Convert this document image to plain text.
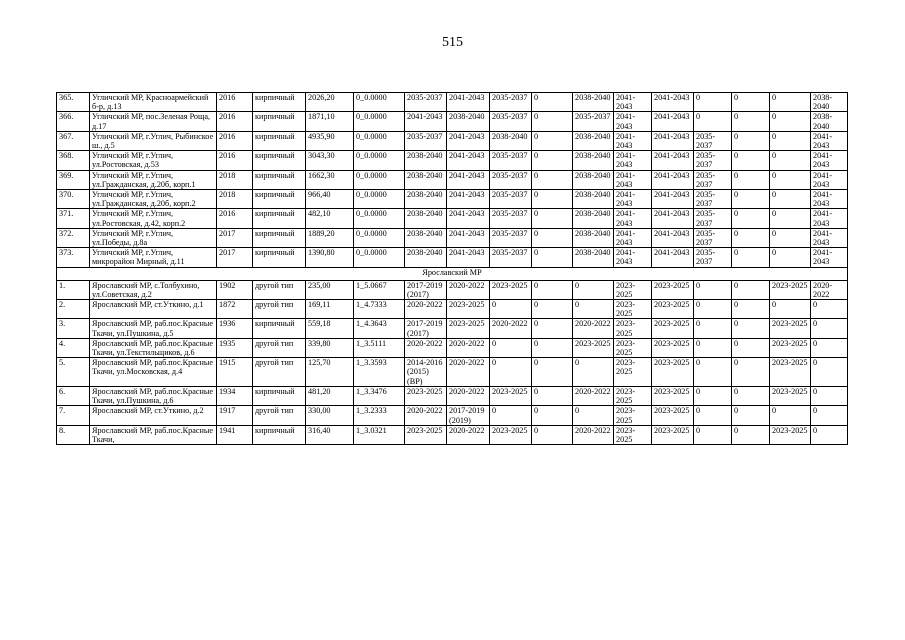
515
365.	Угличский МР, Красноармейский б-р, д.13	2016	кирпичный	2026,20	0_0.0000	2035-2037	2041-2043	2035-2037	0	2038-2040	2041-2043	2041-2043	0	0	0	2038-2040
366.	Угличский МР, пос.Зеленая Роща, д.17	2016	кирпичный	1871,10	0_0.0000	2041-2043	2038-2040	2035-2037	0	2035-2037	2041-2043	2041-2043	0	0	0	2038-2040
367.	Угличский МР, г.Углич, Рыбинское ш., д.5	2016	кирпичный	4935,90	0_0.0000	2035-2037	2041-2043	2038-2040	0	2038-2040	2041-2043	2041-2043	2035-2037	0	0	2041-2043
368.	Угличский МР, г.Углич, ул.Ростовская, д.53	2016	кирпичный	3043,30	0_0.0000	2038-2040	2041-2043	2035-2037	0	2038-2040	2041-2043	2041-2043	2035-2037	0	0	2041-2043
369.	Угличский МР, г.Углич, ул.Гражданская, д.20б, корп.1	2018	кирпичный	1662,30	0_0.0000	2038-2040	2041-2043	2035-2037	0	2038-2040	2041-2043	2041-2043	2035-2037	0	0	2041-2043
370.	Угличский МР, г.Углич, ул.Гражданская, д.20б, корп.2	2018	кирпичный	966,40	0_0.0000	2038-2040	2041-2043	2035-2037	0	2038-2040	2041-2043	2041-2043	2035-2037	0	0	2041-2043
371.	Угличский МР, г.Углич, ул.Ростовская, д.42, корп.2	2016	кирпичный	482,10	0_0.0000	2038-2040	2041-2043	2035-2037	0	2038-2040	2041-2043	2041-2043	2035-2037	0	0	2041-2043
372.	Угличский МР, г.Углич, ул.Победы, д.8а	2017	кирпичный	1889,20	0_0.0000	2038-2040	2041-2043	2035-2037	0	2038-2040	2041-2043	2041-2043	2035-2037	0	0	2041-2043
373.	Угличский МР, г.Углич, микрорайон Мирный, д.11	2017	кирпичный	1390,80	0_0.0000	2038-2040	2041-2043	2035-2037	0	2038-2040	2041-2043	2041-2043	2035-2037	0	0	2041-2043
Ярославский МР																
1.	Ярославский МР, с.Толбухино, ул.Советская, д.2	1902	другой тип	235,00	1_5.0667	2017-2019 (2017)	2020-2022	2023-2025	0	0	2023-2025	2023-2025	0	0	2023-2025	2020-2022
2.	Ярославский МР, ст.Уткино, д.1	1872	другой тип	169,11	1_4.7333	2020-2022	2023-2025	0	0	0	2023-2025	2023-2025	0	0	0	0
3.	Ярославский МР, раб.пос.Красные Ткачи, ул.Пушкина, д.5	1936	кирпичный	559,18	1_4.3643	2017-2019 (2017)	2023-2025	2020-2022	0	2020-2022	2023-2025	2023-2025	0	0	2023-2025	0
4.	Ярославский МР, раб.пос.Красные Ткачи, ул.Текстильщиков, д.6	1935	другой тип	339,80	1_3.5111	2020-2022	2020-2022	0	0	2023-2025	2023-2025	2023-2025	0	0	2023-2025	0
5.	Ярославский МР, раб.пос.Красные Ткачи, ул.Московская, д.4	1915	другой тип	125,70	1_3.3593	2014-2016 (2015) (ВР)	2020-2022	0	0	0	2023-2025	2023-2025	0	0	2023-2025	0
6.	Ярославский МР, раб.пос.Красные Ткачи, ул.Пушкина, д.6	1934	кирпичный	481,20	1_3.3476	2023-2025	2020-2022	2023-2025	0	2020-2022	2023-2025	2023-2025	0	0	2023-2025	0
7.	Ярославский МР, ст.Уткино, д.2	1917	другой тип	330,00	1_3.2333	2020-2022	2017-2019 (2019)	0	0	0	2023-2025	2023-2025	0	0	0	0
8.	Ярославский МР, раб.пос.Красные Ткачи,	1941	кирпичный	316,40	1_3.0321	2023-2025	2020-2022	2023-2025	0	2020-2022	2023-2025	2023-2025	0	0	2023-2025	0
